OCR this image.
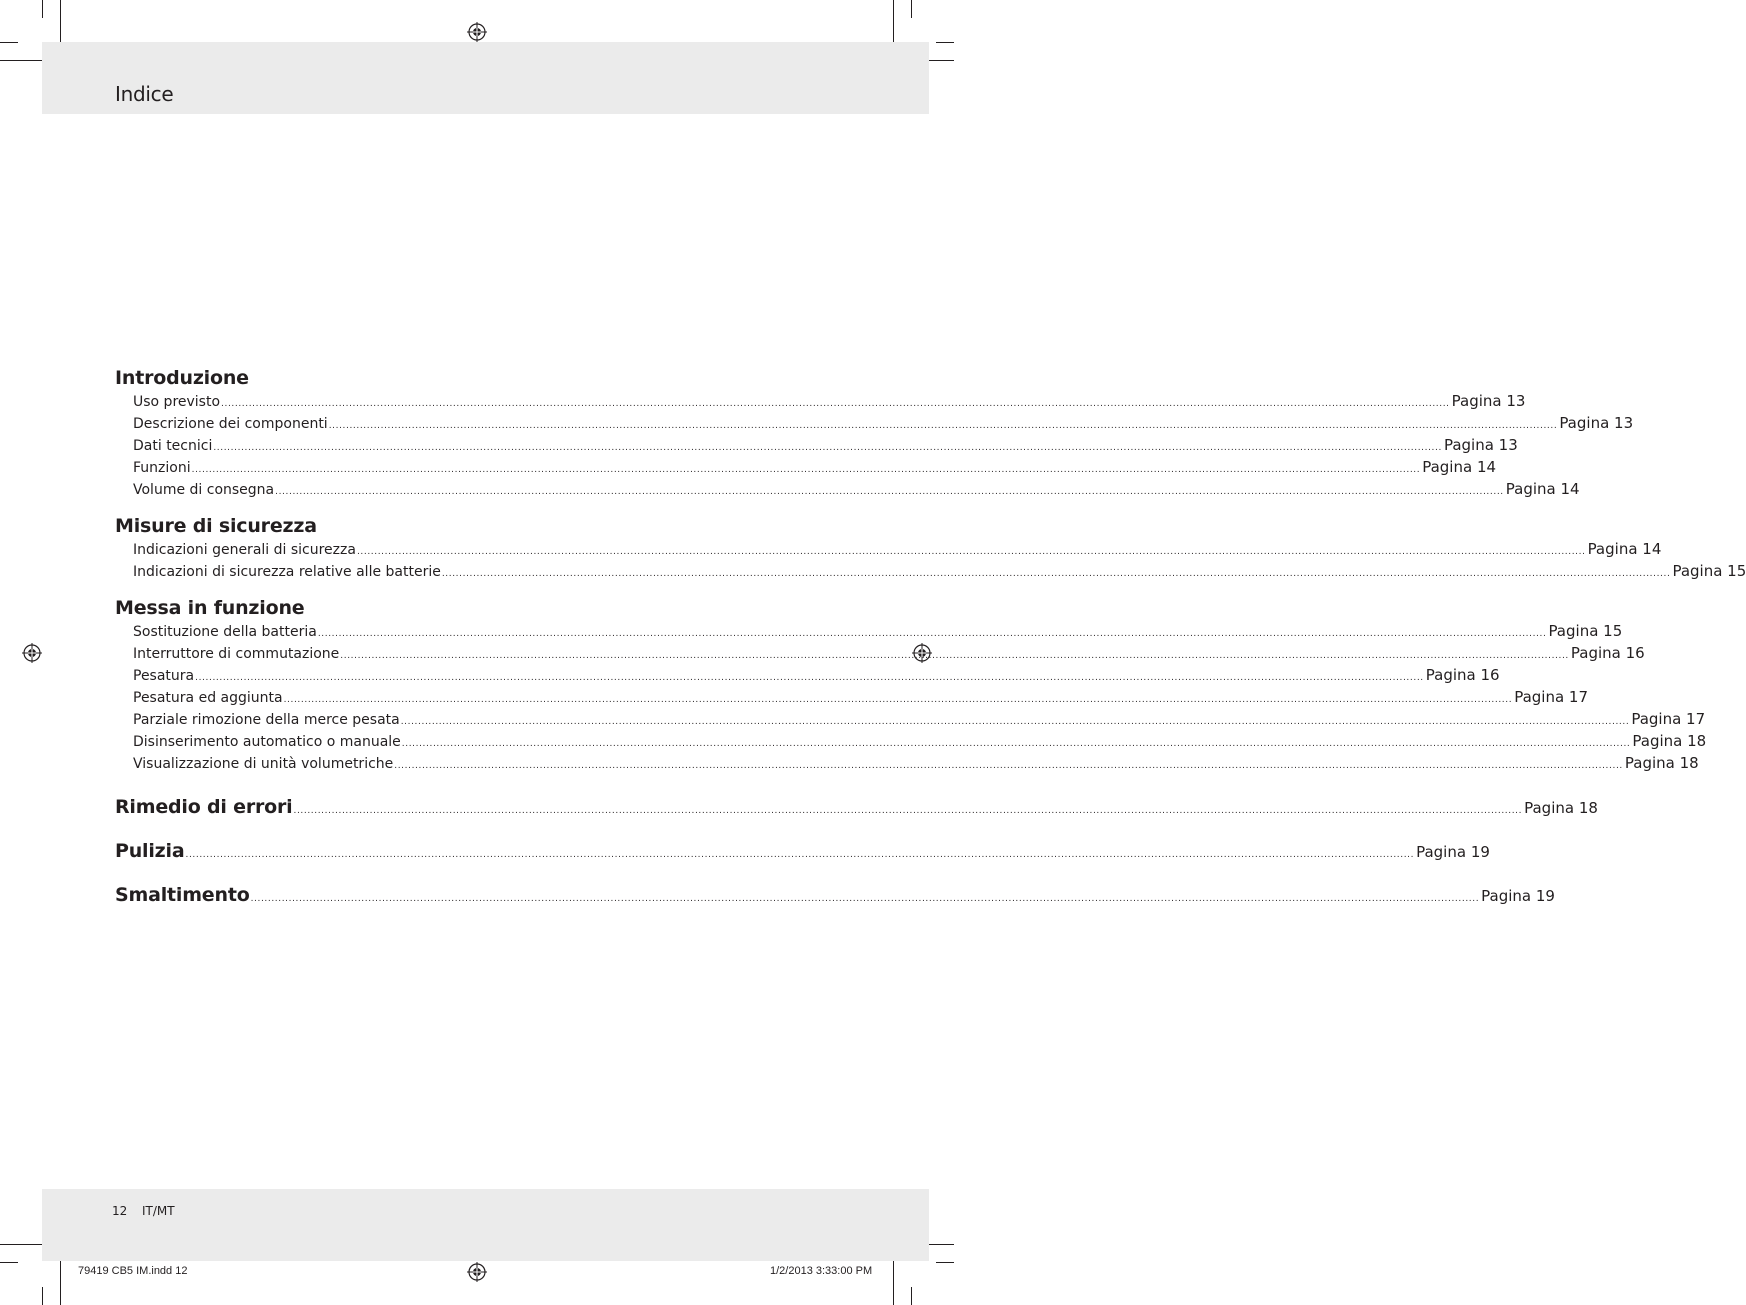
Indice
Introduzione
Uso previsto ................................................................................................................................................................................................................................................................................................................................................................... Pagina 13
Descrizione dei componenti ................................................................................................................................................................................................................................................................................................................................................................... Pagina 13
Dati tecnici ................................................................................................................................................................................................................................................................................................................................................................... Pagina 13
Funzioni ................................................................................................................................................................................................................................................................................................................................................................... Pagina 14
Volume di consegna ................................................................................................................................................................................................................................................................................................................................................................... Pagina 14
Misure di sicurezza
Indicazioni generali di sicurezza ................................................................................................................................................................................................................................................................................................................................................................... Pagina 14
Indicazioni di sicurezza relative alle batterie ................................................................................................................................................................................................................................................................................................................................................................... Pagina 15
Messa in funzione
Sostituzione della batteria ................................................................................................................................................................................................................................................................................................................................................................... Pagina 15
Interruttore di commutazione ................................................................................................................................................................................................................................................................................................................................................................... Pagina 16
Pesatura ................................................................................................................................................................................................................................................................................................................................................................... Pagina 16
Pesatura ed aggiunta ................................................................................................................................................................................................................................................................................................................................................................... Pagina 17
Parziale rimozione della merce pesata ................................................................................................................................................................................................................................................................................................................................................................... Pagina 17
Disinserimento automatico o manuale ................................................................................................................................................................................................................................................................................................................................................................... Pagina 18
Visualizzazione di unità volumetriche ................................................................................................................................................................................................................................................................................................................................................................... Pagina 18
Rimedio di errori ................................................................................................................................................................................................................................................................................................................................................................... Pagina 18
Pulizia ................................................................................................................................................................................................................................................................................................................................................................... Pagina 19
Smaltimento ................................................................................................................................................................................................................................................................................................................................................................... Pagina 19
12 IT/MT
79419 CB5 IM.indd 12	1/2/2013 3:33:00 PM
